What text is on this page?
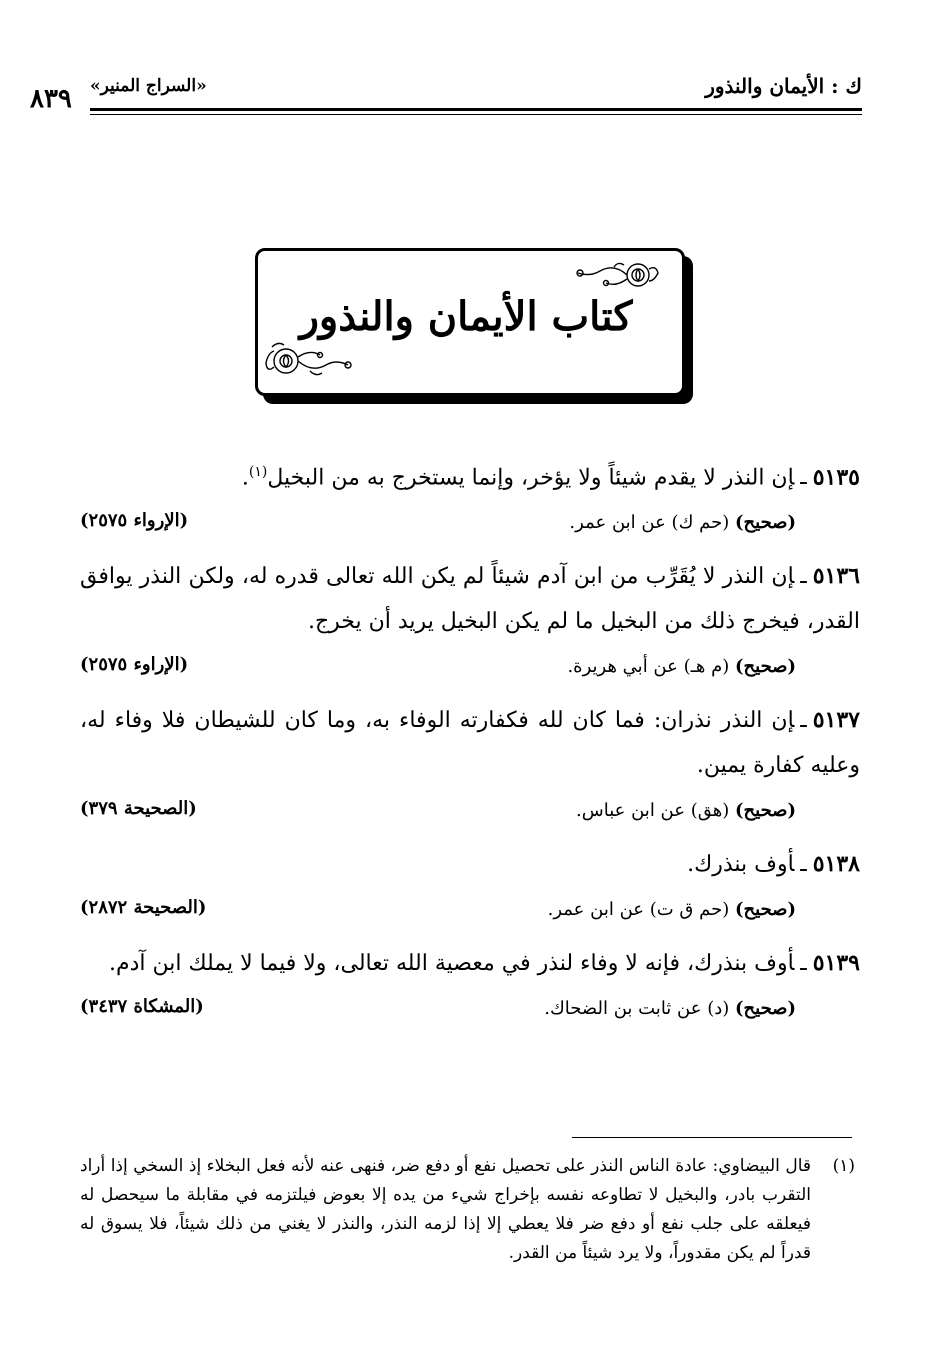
٨٣٩ «السراج المنير»	ك : الأيمان والنذور
كتاب الأيمان والنذور

٥١٣٥ـإن النذر لا يقدم شيئاً ولا يؤخر، وإنما يستخرج به من البخيل$^{(١)}$.

(صحيح) (حم ك) عن ابن عمر.
(الإرواء ٢٥٧٥)

٥١٣٦ـإن النذر لا يُقَرِّب من ابن آدم شيئاً لم يكن الله تعالى قدره له، ولكن النذر يوافق القدر، فيخرج ذلك من البخيل ما لم يكن البخيل يريد أن يخرج.

(صحيح) (م هـ) عن أبي هريرة.
(الإراوء ٢٥٧٥)

٥١٣٧ـإن النذر نذران: فما كان لله فكفارته الوفاء به، وما كان للشيطان فلا وفاء له، وعليه كفارة يمين.

(صحيح) (هق) عن ابن عباس.
(الصحيحة ٣٧٩)

٥١٣٨ـأوف بنذرك.

(صحيح) (حم ق ت) عن ابن عمر.
(الصحيحة ٢٨٧٢)

٥١٣٩ـأوف بنذرك، فإنه لا وفاء لنذر في معصية الله تعالى، ولا فيما لا يملك ابن آدم.

(صحيح) (د) عن ثابت بن الضحاك.
(المشكاة ٣٤٣٧)
(١)

قال البيضاوي: عادة الناس النذر على تحصيل نفع أو دفع ضر، فنهى عنه لأنه فعل البخلاء إذ السخي إذا أراد التقرب بادر، والبخيل لا تطاوعه نفسه بإخراج شيء من يده إلا بعوض فيلتزمه في مقابلة ما سيحصل له فيعلقه على جلب نفع أو دفع ضر فلا يعطي إلا إذا لزمه النذر، والنذر لا يغني من ذلك شيئاً، فلا يسوق له قدراً لم يكن مقدوراً، ولا يرد شيئاً من القدر.
